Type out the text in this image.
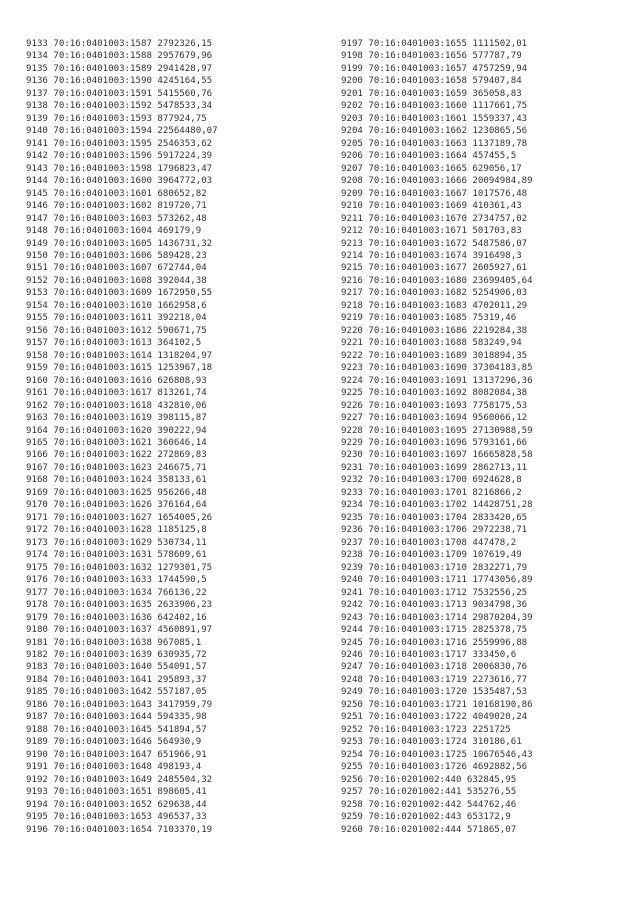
9133 70:16:0401003:1587 2792326,15
9134 70:16:0401003:1588 2957679,96
9135 70:16:0401003:1589 2941428,97
9136 70:16:0401003:1590 4245164,55
9137 70:16:0401003:1591 5415560,76
9138 70:16:0401003:1592 5478533,34
9139 70:16:0401003:1593 877924,75
9140 70:16:0401003:1594 22564480,07
9141 70:16:0401003:1595 2546353,62
9142 70:16:0401003:1596 5917224,39
9143 70:16:0401003:1598 1796823,47
9144 70:16:0401003:1600 3964772,03
9145 70:16:0401003:1601 680652,82
9146 70:16:0401003:1602 819720,71
9147 70:16:0401003:1603 573262,48
9148 70:16:0401003:1604 469179,9
9149 70:16:0401003:1605 1436731,32
9150 70:16:0401003:1606 589428,23
9151 70:16:0401003:1607 672744,04
9152 70:16:0401003:1608 392044,38
9153 70:16:0401003:1609 1672950,55
9154 70:16:0401003:1610 1662958,6
9155 70:16:0401003:1611 392218,04
9156 70:16:0401003:1612 590671,75
9157 70:16:0401003:1613 364102,5
9158 70:16:0401003:1614 1318204,97
9159 70:16:0401003:1615 1253967,18
9160 70:16:0401003:1616 626808,93
9161 70:16:0401003:1617 813261,74
9162 70:16:0401003:1618 432810,06
9163 70:16:0401003:1619 398115,87
9164 70:16:0401003:1620 390222,94
9165 70:16:0401003:1621 360646,14
9166 70:16:0401003:1622 272869,83
9167 70:16:0401003:1623 246675,71
9168 70:16:0401003:1624 358133,61
9169 70:16:0401003:1625 956266,48
9170 70:16:0401003:1626 376164,64
9171 70:16:0401003:1627 1654005,26
9172 70:16:0401003:1628 1185125,8
9173 70:16:0401003:1629 530734,11
9174 70:16:0401003:1631 578609,61
9175 70:16:0401003:1632 1279301,75
9176 70:16:0401003:1633 1744590,5
9177 70:16:0401003:1634 766136,22
9178 70:16:0401003:1635 2633906,23
9179 70:16:0401003:1636 642402,16
9180 70:16:0401003:1637 4560891,97
9181 70:16:0401003:1638 967085,1
9182 70:16:0401003:1639 630935,72
9183 70:16:0401003:1640 554091,57
9184 70:16:0401003:1641 295893,37
9185 70:16:0401003:1642 557187,05
9186 70:16:0401003:1643 3417959,79
9187 70:16:0401003:1644 594335,98
9188 70:16:0401003:1645 541894,57
9189 70:16:0401003:1646 564930,9
9190 70:16:0401003:1647 651966,91
9191 70:16:0401003:1648 498193,4
9192 70:16:0401003:1649 2485504,32
9193 70:16:0401003:1651 898605,41
9194 70:16:0401003:1652 629638,44
9195 70:16:0401003:1653 496537,33
9196 70:16:0401003:1654 7103370,19
9197 70:16:0401003:1655 1111502,01
9198 70:16:0401003:1656 577787,79
9199 70:16:0401003:1657 4757259,94
9200 70:16:0401003:1658 579407,84
9201 70:16:0401003:1659 365058,83
9202 70:16:0401003:1660 1117661,75
9203 70:16:0401003:1661 1559337,43
9204 70:16:0401003:1662 1230865,56
9205 70:16:0401003:1663 1137189,78
9206 70:16:0401003:1664 457455,5
9207 70:16:0401003:1665 629056,17
9208 70:16:0401003:1666 20094984,89
9209 70:16:0401003:1667 1017576,48
9210 70:16:0401003:1669 410361,43
9211 70:16:0401003:1670 2734757,02
9212 70:16:0401003:1671 501703,83
9213 70:16:0401003:1672 5487586,07
9214 70:16:0401003:1674 3916498,3
9215 70:16:0401003:1677 2605927,61
9216 70:16:0401003:1680 23699405,64
9217 70:16:0401003:1682 5254906,03
9218 70:16:0401003:1683 4702011,29
9219 70:16:0401003:1685 75319,46
9220 70:16:0401003:1686 2219284,38
9221 70:16:0401003:1688 583249,94
9222 70:16:0401003:1689 3018894,35
9223 70:16:0401003:1690 37304183,85
9224 70:16:0401003:1691 13137296,36
9225 70:16:0401003:1692 8082084,38
9226 70:16:0401003:1693 7758175,53
9227 70:16:0401003:1694 9560066,12
9228 70:16:0401003:1695 27130988,59
9229 70:16:0401003:1696 5793161,66
9230 70:16:0401003:1697 16665828,58
9231 70:16:0401003:1699 2862713,11
9232 70:16:0401003:1700 6924628,8
9233 70:16:0401003:1701 8216866,2
9234 70:16:0401003:1702 14428751,28
9235 70:16:0401003:1704 2833420,65
9236 70:16:0401003:1706 2972238,71
9237 70:16:0401003:1708 447478,2
9238 70:16:0401003:1709 107619,49
9239 70:16:0401003:1710 2832271,79
9240 70:16:0401003:1711 17743056,89
9241 70:16:0401003:1712 7532556,25
9242 70:16:0401003:1713 9034798,36
9243 70:16:0401003:1714 29870204,39
9244 70:16:0401003:1715 2825378,75
9245 70:16:0401003:1716 2559996,88
9246 70:16:0401003:1717 333450,6
9247 70:16:0401003:1718 2006830,76
9248 70:16:0401003:1719 2273616,77
9249 70:16:0401003:1720 1535487,53
9250 70:16:0401003:1721 10168190,86
9251 70:16:0401003:1722 4049020,24
9252 70:16:0401003:1723 2251725
9253 70:16:0401003:1724 310186,61
9254 70:16:0401003:1725 10676546,43
9255 70:16:0401003:1726 4692882,56
9256 70:16:0201002:440 632845,95
9257 70:16:0201002:441 535276,55
9258 70:16:0201002:442 544762,46
9259 70:16:0201002:443 653172,9
9260 70:16:0201002:444 571865,07
